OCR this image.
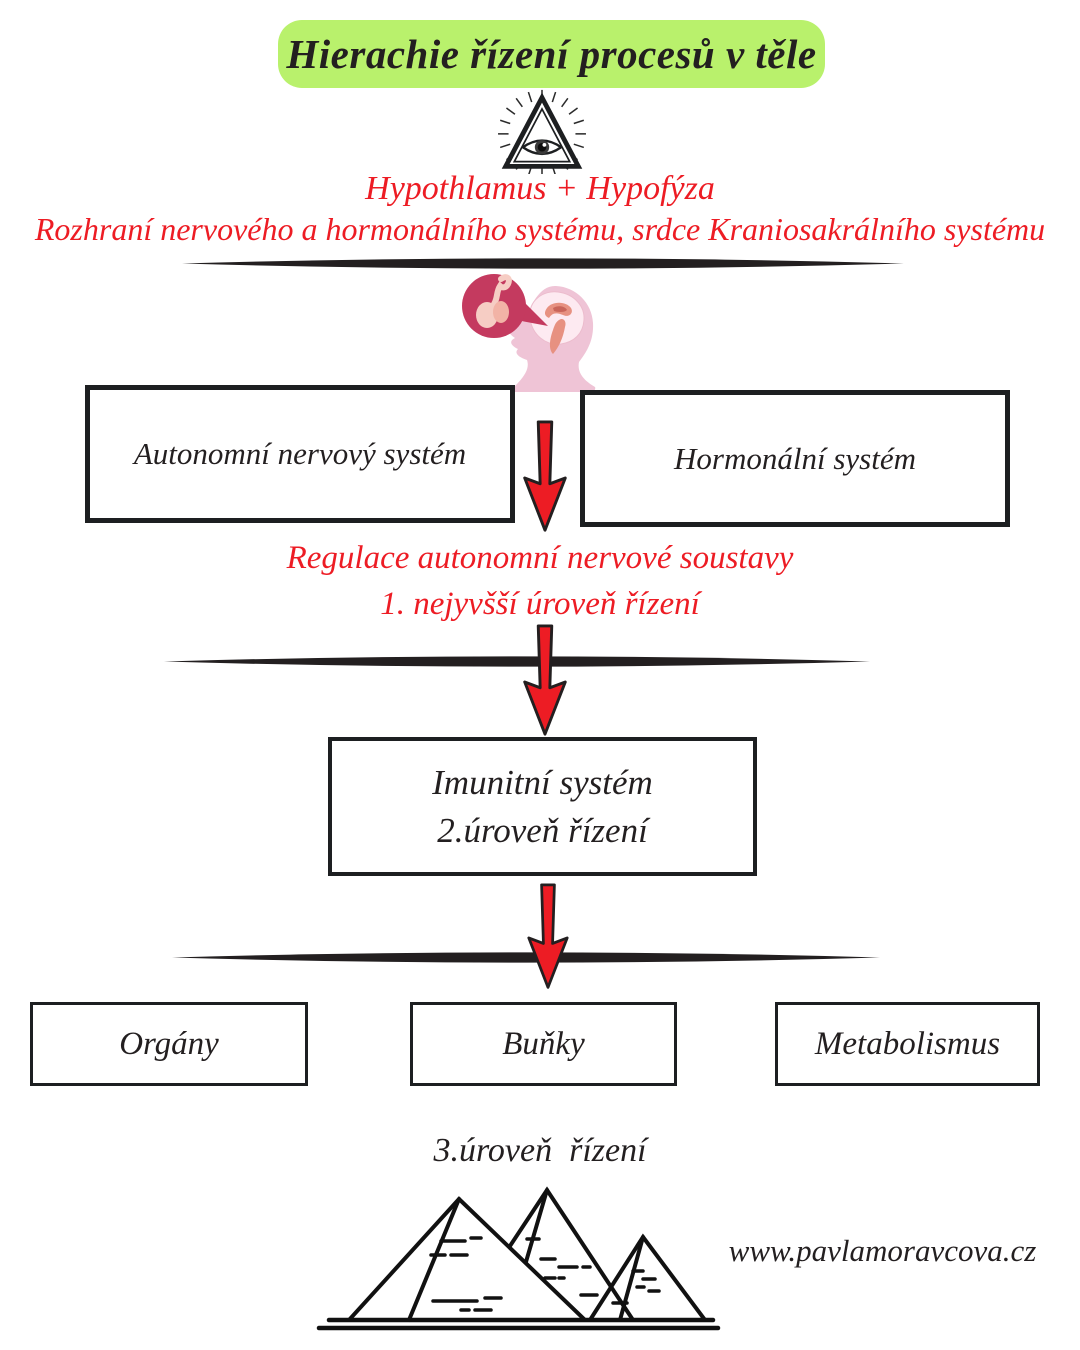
Hierachie řízení procesů v těle
Hypothlamus + Hypofýza
Rozhraní nervového a hormonálního systému, srdce Kraniosakrálního systému
Autonomní nervový systém	Hormonální systém
Regulace autonomní nervové soustavy
1. nejyvšší úroveň řízení
Imunitní systém
2.úroveň řízení
Orgány	Buňky	Metabolismus
3.úroveň  řízení
www.pavlamoravcova.cz
